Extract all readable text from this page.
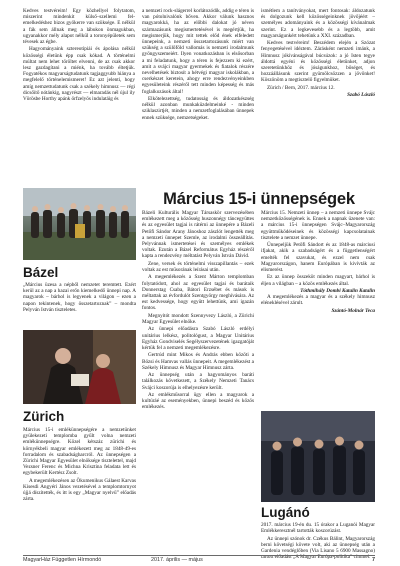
Kedves testvéreim! Egy közhellyel folytatom, miszerint mindenkit külső–szellemi fel- emelkedéshez bizos gyökerre van szüksége. E nélkül a fák sem állnak meg a lábukon önmagukban, ugyanakkor mély alapot nélkül a toronyépületek sem tévesek az égbe.

Hagyományaink sztereotípiái és ápolása nélkül közösségi életünk épp csak kókad. A történelmi múltat nem lehet töröltet elvenni, de az csak akkor lesz gazdagítani a miénk, ha tovább éltetjük. Fogyatékos magyarságtudatunk tagjaggyubb hiánya a megfelelő történelemismeret! Ez azt jelenti, hogy amíg nemzettudatunk csak a székely himnusz — régi dicsőítő nótánkig, nagyrészt — elmaradás nél újul ily Vörösbe Horthy apánk örfzelyös indulatáig és

a nemzeti rock-slágerrel korlátozódik, addig e téren is van pótolnivalónk bőven. Akkor válunk hasznos magyarokká, ha az előbbi dalokat jó néven származásunk megismertetésével is megértjük, ha megismerjük, hogy mit tettek előd ének elfeledett ünnepeink, a nemzeti összetartozásunk miért van szükség a szülőföld vallomás is nemzeti irodalmunk gyöngyszemeiért. Ilyen vonatkozásban is elsősorban a mi feladatunk, hogy a téren is fejezzem ki ezért, amit a svájci magyar gyermekek és fiatalok részére nevelhetések biztosít a hétvégi magyar iskolákban, a cserkészet keretein, ahogy erre rendezvényeinkben egyesületeink részéről tett minden képesség és más foglalkozások által!

Elkötelezettség, tudatosság és áldozatkészség nélkül azonban munkaküzdelmeinké - minden sziklaszirtjét, minden a nemzetfoglalásában ünnepek ennek szüksége, nemzetségeket.

ismétlem a tanítványokat, mert fontosak: áldozatunk és dolgozunk kell közösségeinknek jövőjéért – személyes adományaink és a közösségi kívánalmak szerint. Ez a legkevesebb és a legtöbb, amit magyarságunkért tehetünk a XXI. században.

Kedves testvéreim! Beszédem elején a Szózat fenyegetésével idéztem. Zárásként nemzeti imánk, a Himnusz jókívánságával búcsúzok: a jó Isten tegye áldottá egyéni és közösségi életünket, adjon szeretetünkhöz és jóságunkhoz, bőséget, és hozzáállásunk szerint gyümölcsözzen a jövőnket! Köszönöm a megtisztelő figyelmüket.

Zürich / Bern, 2017. március 12.

Szabó László
Március 15-i ünnepségek
Bázel

„Március üzesa a népből nemzetet teremtett. Ezért kerül az a nap a hazai erőn kiemelkedő ünnepi nap. A magyarok – bárhol is legyenek a világon – ezen a napon tekintenek, hogy összetartoznak” – mondta Pelyván István tiszteletes.

Zürich

Március 15-i emlékünnepségére a nemzetünket gyülekezeti templomba gyűlt volna nemzeti emlékünnepségre. Közel kétszáz zürichi és környékbeli magyar emlékezett meg az 1848-49-es forradalom és szabadságharcról. Az ünnepségen a Zürichi Magyar Egyesület elnöksége tisztelettel, majd Vezsner Ferenc és Michna Krisztina feladata lett és egybekerült Kertész Zsolt.

A megemlékezésen az Ökumenikus Gálaest Karvas Kisesdi Angyéri János vezetésével a templomtornyot újjá díszítették, és itt is egy „Magyar nyelvű” előadás zárta.

Bázeli Kulturális Magyar Társaskör szervezésében emlékezett meg a közösség huszonnégy táncegyüttes és az egyesület tagjai is rátérni az ünnepére a Bázeli Petőfi Sándor Arany Jánoshoz zászlót lengették meg a nemzeti ünnepet Szemle, az irodalmi összeállítás. Pelyvánnak ismertetései és személyes emlékek voltak. Ezután a Bázel Református Egyház részéről kapta a rendezvény méltatást Pelyván István Dávid.

Zene, versek és történelmi visszapillantás – ezek voltak az est műsorának leírásai után.

A megemlékezés a Szent Márton templomban folytatódott, ahol az egyesület tagjai és barátaik Donnerstag Csaba, Bátori Erzsébet és mások is méltattak az évfordulót Szentgyörgy meghívására. Az est kedvessége, hogy együtt lehettünk, ami igazán fontos.

Megnyitót mondott Szennyvezy László, a Zürichi Magyar Egyesület elnöke.

Az ünnepi előadásra Szabó László erdélyi unitárius lelkész, politológust, a Magyar Unitárius Egyház Gondviselés Segélyszervezetének igazgatóját kértük fel a nemzeti megemlékezésre.

Gertrúd mint Mikos és András ebben közöti a Bözsi és Hamvas vallás ünnepeit. A megemlékezést a Székely Himnusz és Magyar Himnusz zárta.

Az ünnepség után a hagyományos baráti találkozás következett, a Székely Nemzeti Tanács Svájci koszorúja is elhelyezésre került.

Az emlékműsorral ügy ellen a magyarok a kultúráé az eseményekben, ünnepi beszéd és közös emlékezés.

Március 15. Nemzeti ünnep – a nemzeti ünnepe Svájc nemzetközösségének is. Ennek a napnak üzenete van: a március 15-i ünnepségen Svájc–Magyarország együttműködéseinek és közösségi kapcsolatainak tisztelete a nemzet ünnepe.

Ünnepeljük Petőfi Sándort és az 1848-as márciusi ifjakat, akik a szabadságért és a függetlenségért emelték fel szavukat, és ezzel nem csak Magyarországon, hanem Európában is kivívták az elismerést.

Ez az ünnep összeköt minden magyart, bárhol is éljen a világban – a közös emlékezés által.

Tóthmihály Dombi Katalin Katalin

A megemlékezés a magyar és a székely himnusz eléneklésével zárult.

Szántó-Molnár Teca
Lugánó

2017. március 19-én du. 15 órakor a Luganói Magyar Emlékkeresztnél tartották koszorúzást.

Az ünnepi szónok dr. Czékus Bálint, Magyarország berni követségi követe volt, aki az ünnepség után a Gardenia vendéglőben (Via Lisano 5 6900 Massagno) tartott előadást „A Magyar Európa-politika” címmel.

MagyarHáz Független Hírmondó	2017. április — május	7
